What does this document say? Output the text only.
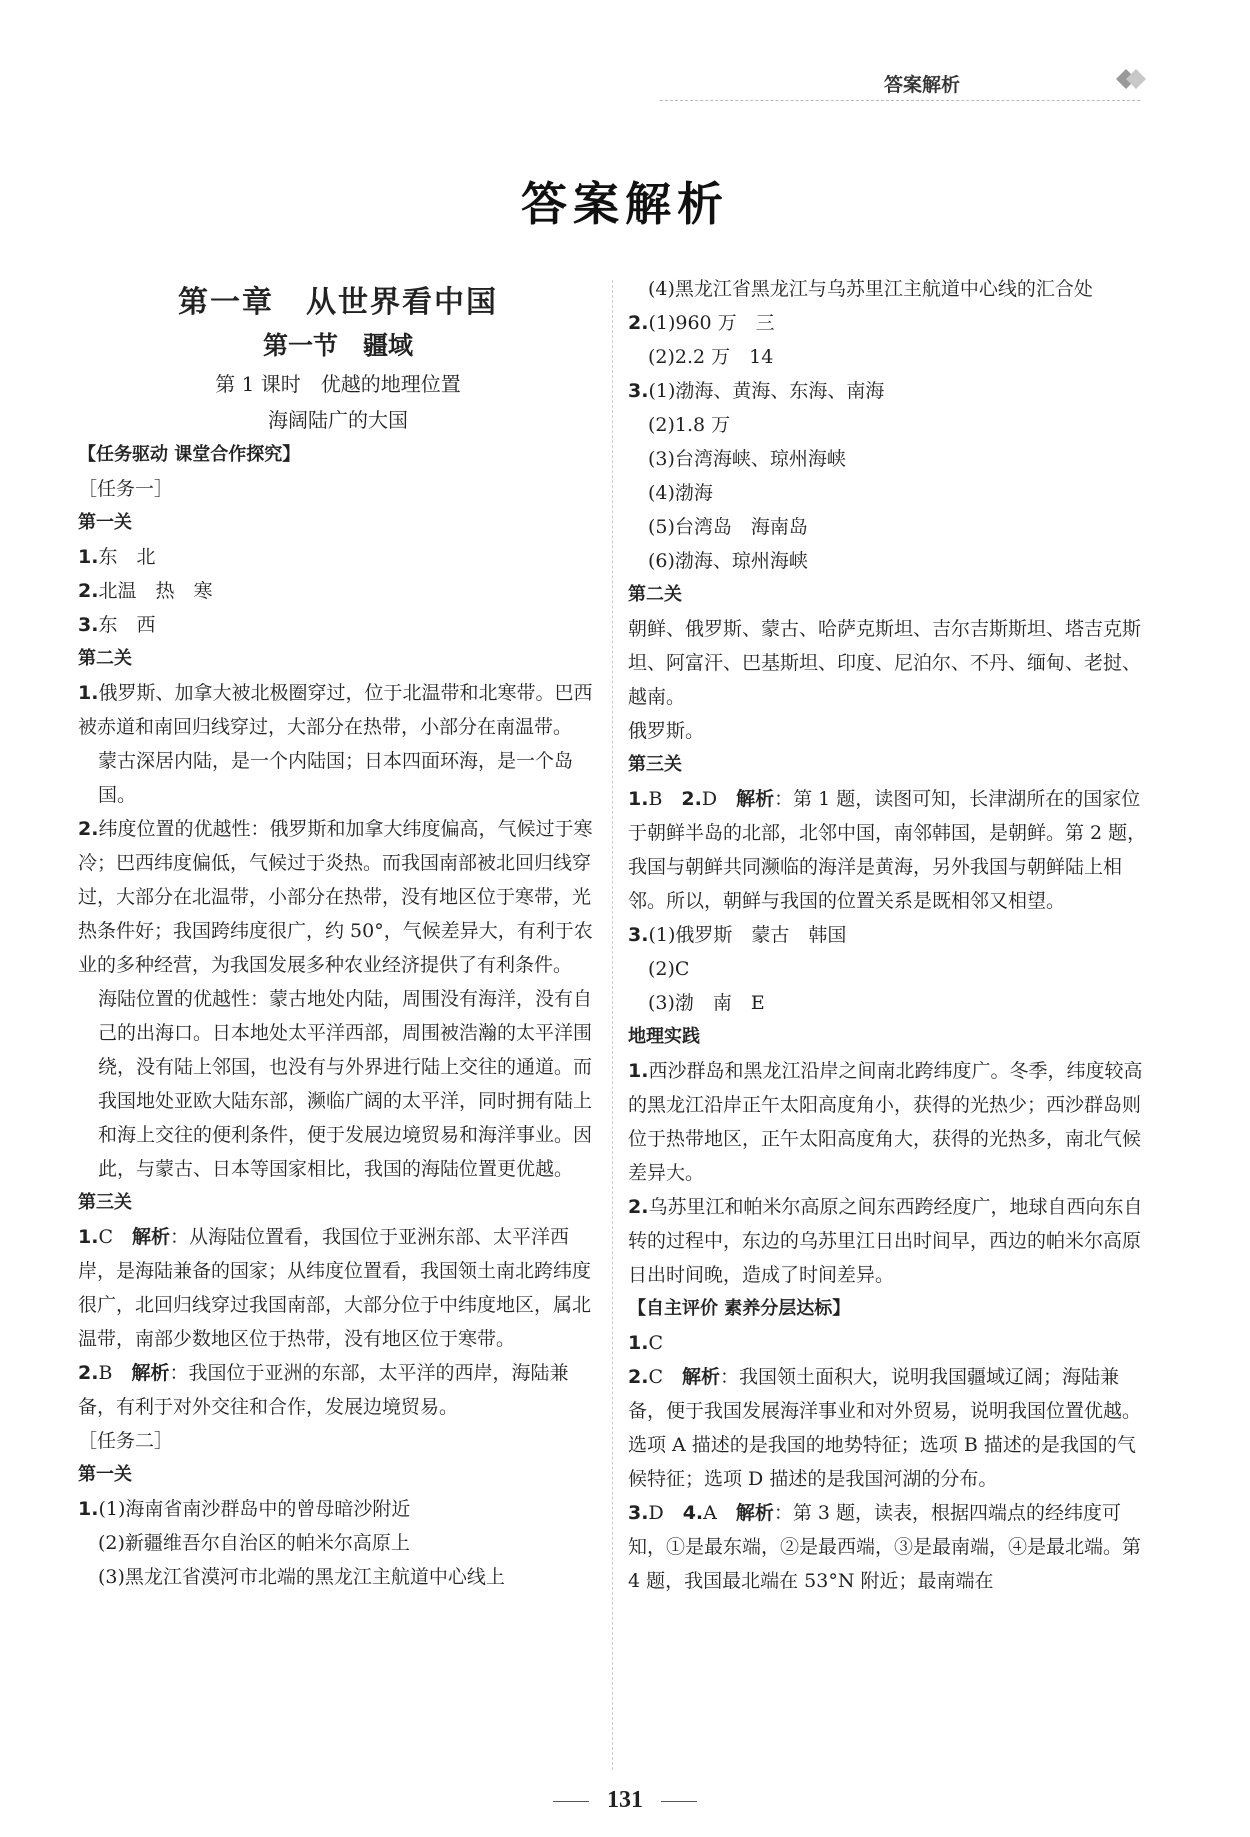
答案解析
答案解析

第一章　从世界看中国

第一节　疆域

第 1 课时　优越的地理位置

海阔陆广的大国

【任务驱动 课堂合作探究】

［任务一］

第一关

1.东　北

2.北温　热　寒

3.东　西

第二关

1.俄罗斯、加拿大被北极圈穿过，位于北温带和北寒带。巴西被赤道和南回归线穿过，大部分在热带，小部分在南温带。

蒙古深居内陆，是一个内陆国；日本四面环海，是一个岛国。

2.纬度位置的优越性：俄罗斯和加拿大纬度偏高，气候过于寒冷；巴西纬度偏低，气候过于炎热。而我国南部被北回归线穿过，大部分在北温带，小部分在热带，没有地区位于寒带，光热条件好；我国跨纬度很广，约 50°，气候差异大，有利于农业的多种经营，为我国发展多种农业经济提供了有利条件。

海陆位置的优越性：蒙古地处内陆，周围没有海洋，没有自己的出海口。日本地处太平洋西部，周围被浩瀚的太平洋围绕，没有陆上邻国，也没有与外界进行陆上交往的通道。而我国地处亚欧大陆东部，濒临广阔的太平洋，同时拥有陆上和海上交往的便利条件，便于发展边境贸易和海洋事业。因此，与蒙古、日本等国家相比，我国的海陆位置更优越。

第三关

1.C　 解析：从海陆位置看，我国位于亚洲东部、太平洋西岸，是海陆兼备的国家；从纬度位置看，我国领土南北跨纬度很广，北回归线穿过我国南部，大部分位于中纬度地区，属北温带，南部少数地区位于热带，没有地区位于寒带。

2.B　 解析：我国位于亚洲的东部，太平洋的西岸，海陆兼备，有利于对外交往和合作，发展边境贸易。

［任务二］

第一关

1.(1)海南省南沙群岛中的曾母暗沙附近

(2)新疆维吾尔自治区的帕米尔高原上

(3)黑龙江省漠河市北端的黑龙江主航道中心线上

(4)黑龙江省黑龙江与乌苏里江主航道中心线的汇合处

2.(1)960 万　三

(2)2.2 万　14

3.(1)渤海、黄海、东海、南海

(2)1.8 万

(3)台湾海峡、琼州海峡

(4)渤海

(5)台湾岛　海南岛

(6)渤海、琼州海峡

第二关

朝鲜、俄罗斯、蒙古、哈萨克斯坦、吉尔吉斯斯坦、塔吉克斯坦、阿富汗、巴基斯坦、印度、尼泊尔、不丹、缅甸、老挝、越南。

俄罗斯。

第三关

1.B　2.D　解析：第 1 题，读图可知，长津湖所在的国家位于朝鲜半岛的北部，北邻中国，南邻韩国，是朝鲜。第 2 题，我国与朝鲜共同濒临的海洋是黄海，另外我国与朝鲜陆上相邻。所以，朝鲜与我国的位置关系是既相邻又相望。

3.(1)俄罗斯　蒙古　韩国

(2)C

(3)渤　南　E

地理实践

1.西沙群岛和黑龙江沿岸之间南北跨纬度广。冬季，纬度较高的黑龙江沿岸正午太阳高度角小，获得的光热少；西沙群岛则位于热带地区，正午太阳高度角大，获得的光热多，南北气候差异大。

2.乌苏里江和帕米尔高原之间东西跨经度广，地球自西向东自转的过程中，东边的乌苏里江日出时间早，西边的帕米尔高原日出时间晚，造成了时间差异。

【自主评价 素养分层达标】

1.C

2.C　解析：我国领土面积大，说明我国疆域辽阔；海陆兼备，便于我国发展海洋事业和对外贸易，说明我国位置优越。选项 A 描述的是我国的地势特征；选项 B 描述的是我国的气候特征；选项 D 描述的是我国河湖的分布。

3.D　4.A　解析：第 3 题，读表，根据四端点的经纬度可知，①是最东端，②是最西端，③是最南端，④是最北端。第 4 题，我国最北端在 53°N 附近；最南端在

131
